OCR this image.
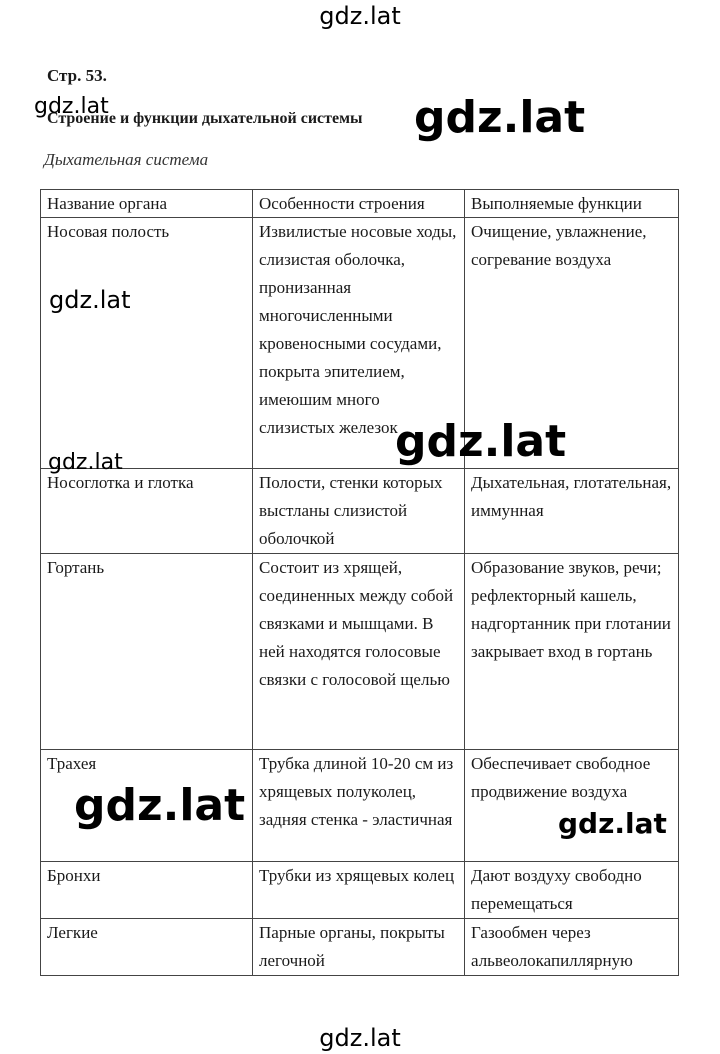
gdz.lat
Стр. 53.
Строение и функции дыхательной системы
Дыхательная система
Название органа	Особенности строения	Выполняемые функции
Носовая полость	Извилистые носовые ходы, слизистая оболочка, пронизанная многочисленными кровеносными сосудами, покрыта эпителием, имеюшим много слизистых железок	Очищение, увлажнение, согревание воздуха
Носоглотка и глотка	Полости, стенки которых выстланы слизистой оболочкой	Дыхательная, глотательная, иммунная
Гортань	Состоит из хрящей, соединенных между собой связками и мышцами. В ней находятся голосовые связки с голосовой щелью	Образование звуков, речи; рефлекторный кашель, надгортанник при глотании закрывает вход в гортань
Трахея	Трубка длиной 10-20 см из хрящевых полуколец, задняя стенка - эластичная	Обеспечивает свободное продвижение воздуха
Бронхи	Трубки из хрящевых колец	Дают воздуху свободно перемещаться
Легкие	Парные органы, покрыты легочной	Газообмен через альвеолокапиллярную
gdz.lat	gdz.lat
gdz.lat
gdz.lat
gdz.lat
gdz.lat	gdz.lat
gdz.lat
